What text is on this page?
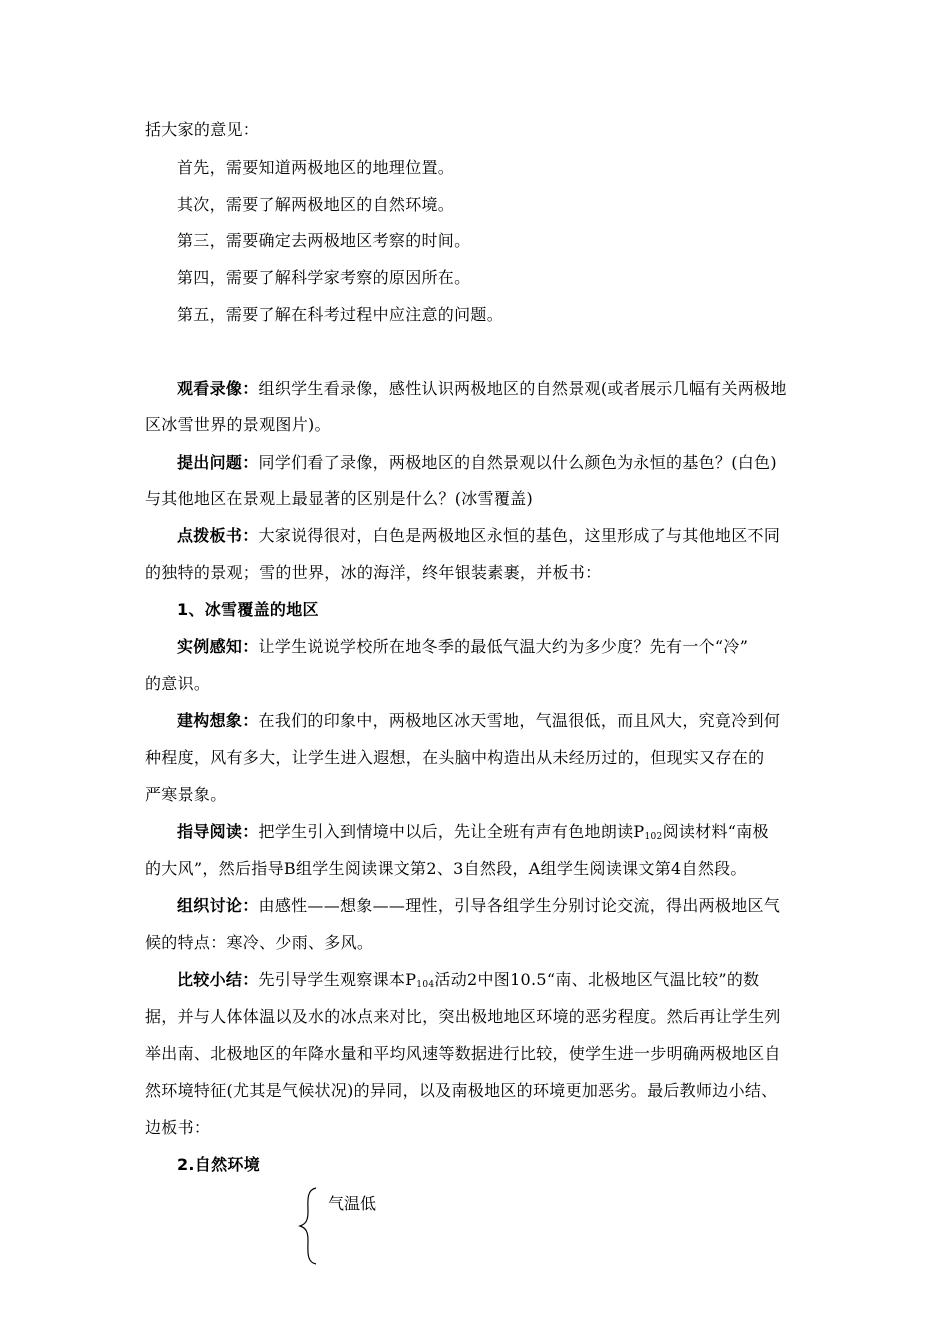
括大家的意见：
首先，需要知道两极地区的地理位置。
其次，需要了解两极地区的自然环境。
第三，需要确定去两极地区考察的时间。
第四，需要了解科学家考察的原因所在。
第五，需要了解在科考过程中应注意的问题。
观看录像：组织学生看录像，感性认识两极地区的自然景观(或者展示几幅有关两极地
区冰雪世界的景观图片)。
提出问题：同学们看了录像，两极地区的自然景观以什么颜色为永恒的基色？(白色)
与其他地区在景观上最显著的区别是什么？(冰雪覆盖)
点拨板书：大家说得很对，白色是两极地区永恒的基色，这里形成了与其他地区不同
的独特的景观；雪的世界，冰的海洋，终年银装素裹，并板书：
1、冰雪覆盖的地区
实例感知：让学生说说学校所在地冬季的最低气温大约为多少度？先有一个“冷”
的意识。
建构想象：在我们的印象中，两极地区冰天雪地，气温很低，而且风大，究竟冷到何
种程度，风有多大，让学生进入遐想，在头脑中构造出从未经历过的，但现实又存在的
严寒景象。
指导阅读：把学生引入到情境中以后，先让全班有声有色地朗读$P_{102}$阅读材料“南极
的大风”，然后指导B组学生阅读课文第2、3自然段，A组学生阅读课文第4自然段。
组织讨论：由感性——想象——理性，引导各组学生分别讨论交流，得出两极地区气
候的特点：寒冷、少雨、多风。
比较小结：先引导学生观察课本$P_{104}$活动2中图10.5“南、北极地区气温比较”的数
据，并与人体体温以及水的冰点来对比，突出极地地区环境的恶劣程度。然后再让学生列
举出南、北极地区的年降水量和平均风速等数据进行比较，使学生进一步明确两极地区自
然环境特征(尤其是气候状况)的异同，以及南极地区的环境更加恶劣。最后教师边小结、
边板书：
2.自然环境
气温低
